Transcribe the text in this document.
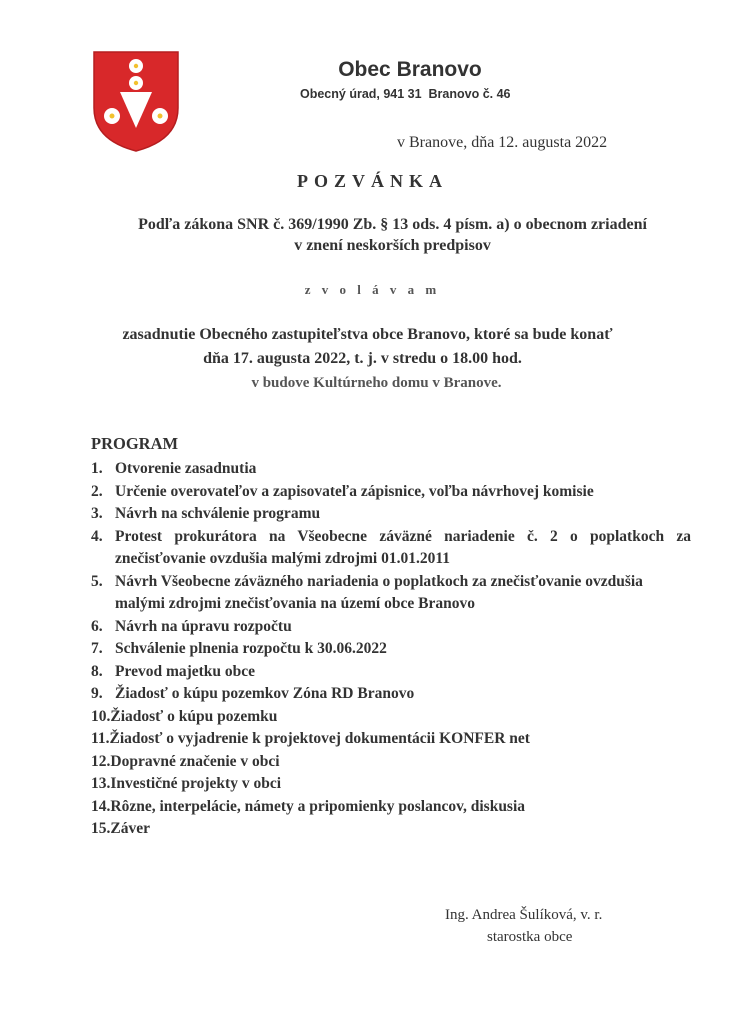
Obec Branovo
Obecný úrad, 941 31  Branovo č. 46
v Branove, dňa 12. augusta 2022
POZVÁNKA
Podľa zákona SNR č. 369/1990 Zb. § 13 ods. 4 písm. a) o obecnom zriadení
v znení neskorších predpisov
z v o l á v a m
zasadnutie Obecného zastupiteľstva obce Branovo, ktoré sa bude konať
dňa 17. augusta 2022, t. j. v stredu o 18.00 hod.
v budove Kultúrneho domu v Branove.
PROGRAM
1. Otvorenie zasadnutia
2. Určenie overovateľov a zapisovateľa zápisnice, voľba návrhovej komisie
3. Návrh na schválenie programu
4. Protest prokurátora na Všeobecne záväzné nariadenie č. 2 o poplatkoch za znečisťovanie ovzdušia malými zdrojmi 01.01.2011
5. Návrh Všeobecne záväzného nariadenia o poplatkoch za znečisťovanie ovzdušia malými zdrojmi znečisťovania na území obce Branovo
6. Návrh na úpravu rozpočtu
7. Schválenie plnenia rozpočtu k 30.06.2022
8. Prevod majetku obce
9. Žiadosť o kúpu pozemkov Zóna RD Branovo
10. Žiadosť o kúpu pozemku
11. Žiadosť o vyjadrenie k projektovej dokumentácii KONFER net
12. Dopravné značenie v obci
13. Investičné projekty v obci
14. Rôzne, interpelácie, námety a pripomienky poslancov, diskusia
15. Záver
Ing. Andrea Šulíková, v. r.
starostka obce
